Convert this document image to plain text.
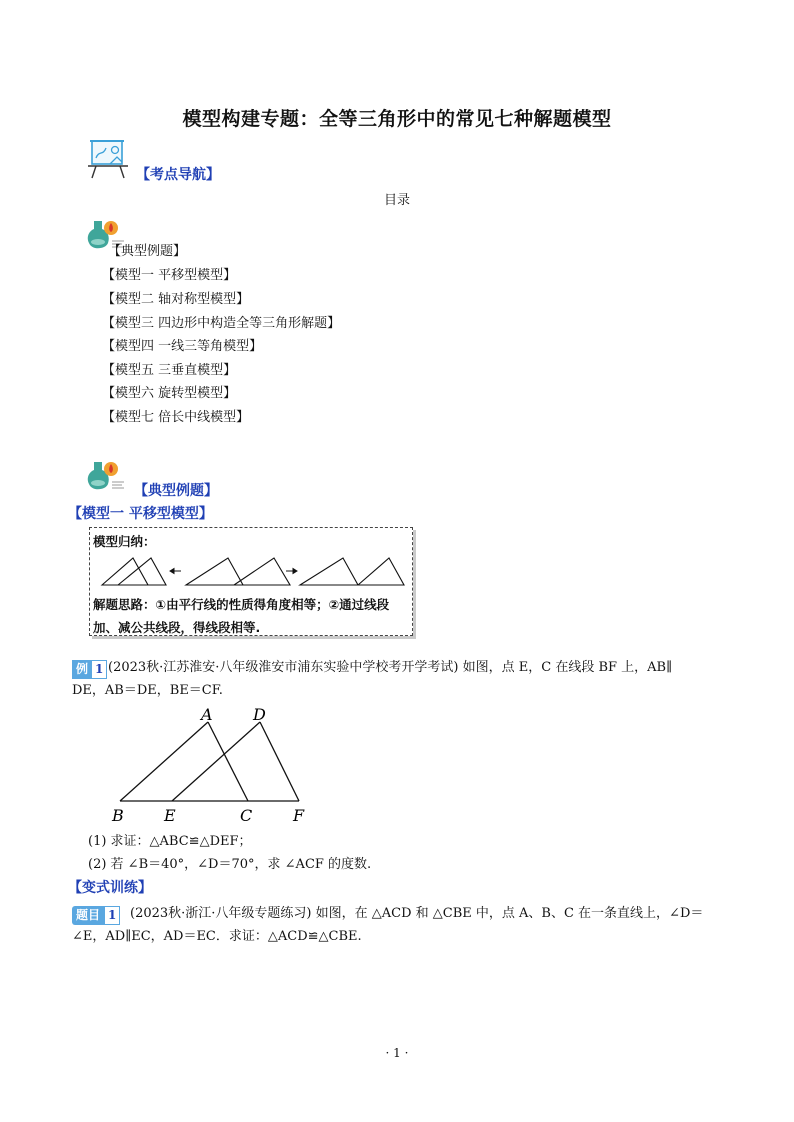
模型构建专题：全等三角形中的常见七种解题模型
【考点导航】
目录
【典型例题】
【模型一 平移型模型】
【模型二 轴对称型模型】
【模型三 四边形中构造全等三角形解题】
【模型四 一线三等角模型】
【模型五 三垂直模型】
【模型六 旋转型模型】
【模型七 倍长中线模型】
【典型例题】
【模型一 平移型模型】
模型归纳：
解题思路：①由平行线的性质得角度相等；②通过线段
加、减公共线段，得线段相等.
例 1 (2023秋·江苏淮安·八年级淮安市浦东实验中学校考开学考试) 如图，点 E，C 在线段 BF 上，AB∥
DE，AB＝DE，BE＝CF.
A	D
B	E	C	F
(1) 求证：△ABC≌△DEF；
(2) 若 ∠B＝40°，∠D＝70°，求 ∠ACF 的度数.
【变式训练】
题目 1	(2023秋·浙江·八年级专题练习) 如图，在 △ACD 和 △CBE 中，点 A、B、C 在一条直线上，∠D＝
∠E，AD∥EC，AD＝EC．求证：△ACD≌△CBE.
· 1 ·
